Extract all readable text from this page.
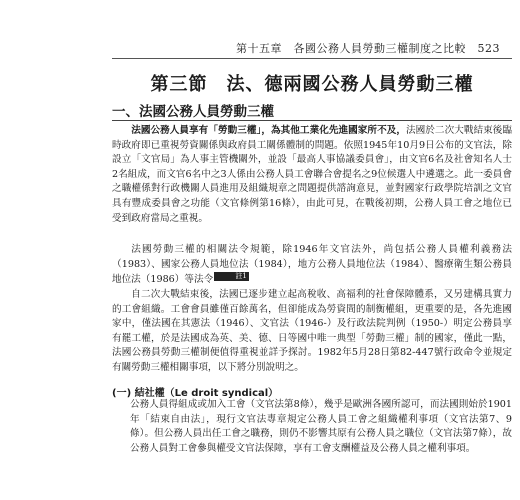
第十五章　各國公務人員勞動三權制度之比較　523
第三節　法、德兩國公務人員勞動三權
一、法國公務人員勞動三權

法國公務人員享有「勞動三權」，為其他工業化先進國家所不及，法國於二次大戰結束後臨時政府即已重視勞資關係與政府員工關係體制的問題。依照1945年10月9日公布的文官法，除設立「文官局」為人事主管機關外，並設「最高人事協議委員會」，由文官6名及社會知名人士2名組成，而文官6名中之3人係由公務人員工會聯合會提名之9位候選人中遴選之。此一委員會之職權係對行政機關人員進用及組織規章之問題提供諮詢意見，並對國家行政學院培訓之文官具有豐成委員會之功能（文官條例第16條），由此可見，在戰後初期，公務人員工會之地位已受到政府當局之重視。

法國勞動三權的相關法令規範，除1946年文官法外，尚包括公務人員權利義務法（1983）、國家公務人員地位法（1984），地方公務人員地位法（1984）、醫療衛生類公務員地位法（1986）等法令	註1

自二次大戰結束後，法國已逐步建立起高稅收、高福利的社會保障體系，又另建構具實力的工會組織。工會會員雖僅百餘萬名，但卻能成為勞資間的制衡權組，更重要的是，各先進國家中，僅法國在其憲法（1946）、文官法（1946-）及行政法院判例（1950-）明定公務員享有罷工權，於是法國成為英、美、德、日等國中唯一典型「勞動三權」制的國家，僅此一點，法國公務員勞動三權制便值得重視並詳予探討。1982年5月28日第82-447號行政命令並規定有關勞動三權相關事項，以下將分別說明之。

(一) 結社權（Le droit syndical）

公務人員得組成或加入工會（文官法第8條），幾乎是歐洲各國所認可，而法國則始於1901年「結束自由法」，現行文官法專章規定公務人員工會之組織權利事項（文官法第7、9條）。但公務人員出任工會之職務，則仍不影響其原有公務人員之職位（文官法第7條），故公務人員對工會參與權受文官法保障，享有工會支酬權益及公務人員之權利事項。
